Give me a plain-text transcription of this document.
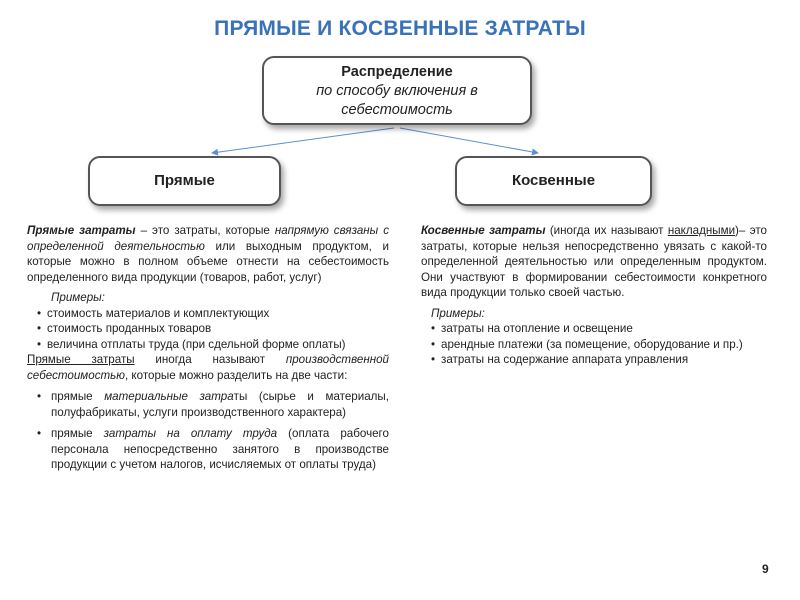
ПРЯМЫЕ И КОСВЕННЫЕ ЗАТРАТЫ
Распределение
по способу включения в
себестоимость
Прямые	Косвенные

Прямые затраты – это затраты, которые напрямую связаны с определенной деятельностью или выходным продуктом, и которые можно в полном объеме отнести на себестоимость определенного вида продукции (товаров, работ, услуг)

Примеры:

• стоимость материалов и комплектующих
• стоимость проданных товаров
• величина отплаты труда (при сдельной форме оплаты)

Прямые затраты иногда называют производственной себестоимостью, которые можно разделить на две части:

• прямые материальные затраты (сырье и материалы, полуфабрикаты, услуги производственного характера)
• прямые затраты на оплату труда (оплата рабочего персонала непосредственно занятого в производстве продукции с учетом налогов, исчисляемых от оплаты труда)

Косвенные затраты (иногда их называют накладными)– это затраты, которые нельзя непосредственно увязать с какой-то определенной деятельностью или определенным продуктом. Они участвуют в формировании себестоимости конкретного вида продукции только своей частью.

Примеры:

• затраты на отопление и освещение
• арендные платежи (за помещение, оборудование и пр.)
• затраты на содержание аппарата управления
9
